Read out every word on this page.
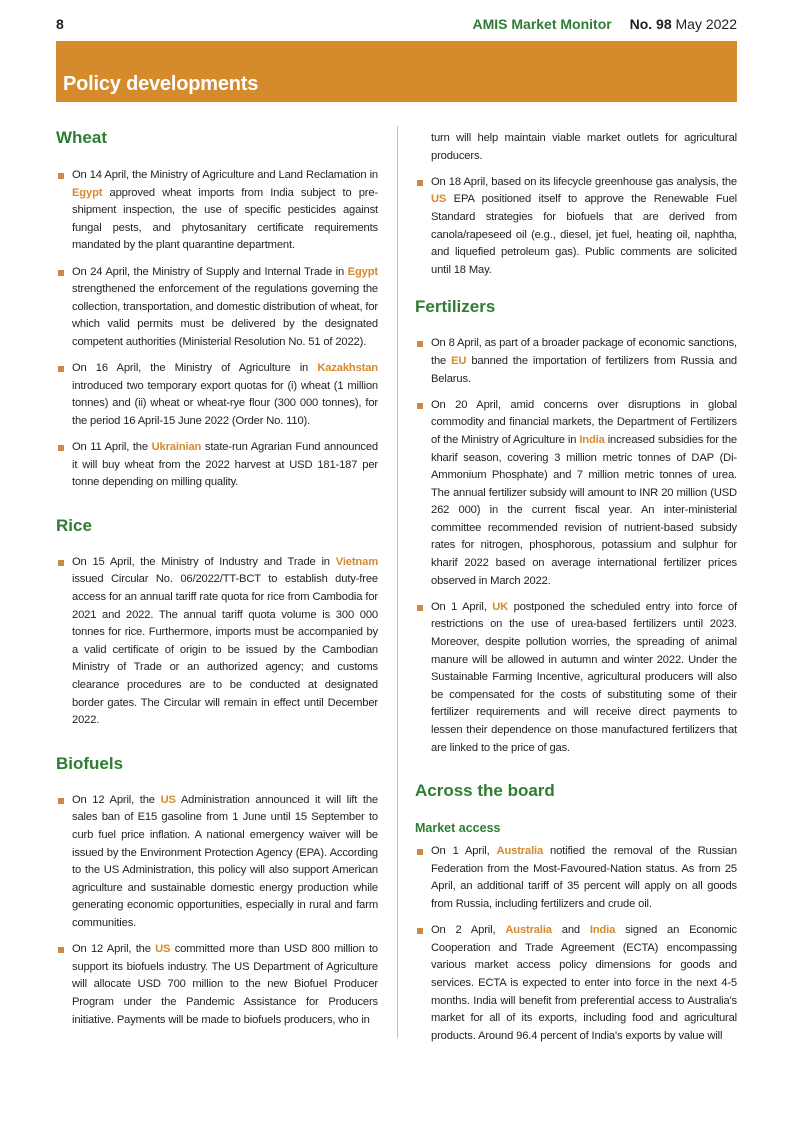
8	AMIS Market Monitor No. 98 May 2022
Policy developments
Wheat
On 14 April, the Ministry of Agriculture and Land Reclamation in Egypt approved wheat imports from India subject to pre-shipment inspection, the use of specific pesticides against fungal pests, and phytosanitary certificate requirements mandated by the plant quarantine department.
On 24 April, the Ministry of Supply and Internal Trade in Egypt strengthened the enforcement of the regulations governing the collection, transportation, and domestic distribution of wheat, for which valid permits must be delivered by the designated competent authorities (Ministerial Resolution No. 51 of 2022).
On 16 April, the Ministry of Agriculture in Kazakhstan introduced two temporary export quotas for (i) wheat (1 million tonnes) and (ii) wheat or wheat-rye flour (300 000 tonnes), for the period 16 April-15 June 2022 (Order No. 110).
On 11 April, the Ukrainian state-run Agrarian Fund announced it will buy wheat from the 2022 harvest at USD 181-187 per tonne depending on milling quality.
Rice
On 15 April, the Ministry of Industry and Trade in Vietnam issued Circular No. 06/2022/TT-BCT to establish duty-free access for an annual tariff rate quota for rice from Cambodia for 2021 and 2022. The annual tariff quota volume is 300 000 tonnes for rice. Furthermore, imports must be accompanied by a valid certificate of origin to be issued by the Cambodian Ministry of Trade or an authorized agency; and customs clearance procedures are to be conducted at designated border gates. The Circular will remain in effect until December 2022.
Biofuels
On 12 April, the US Administration announced it will lift the sales ban of E15 gasoline from 1 June until 15 September to curb fuel price inflation. A national emergency waiver will be issued by the Environment Protection Agency (EPA). According to the US Administration, this policy will also support American agriculture and sustainable domestic energy production while generating economic opportunities, especially in rural and farm communities.
On 12 April, the US committed more than USD 800 million to support its biofuels industry. The US Department of Agriculture will allocate USD 700 million to the new Biofuel Producer Program under the Pandemic Assistance for Producers initiative. Payments will be made to biofuels producers, who in
turn will help maintain viable market outlets for agricultural producers.
On 18 April, based on its lifecycle greenhouse gas analysis, the US EPA positioned itself to approve the Renewable Fuel Standard strategies for biofuels that are derived from canola/rapeseed oil (e.g., diesel, jet fuel, heating oil, naphtha, and liquefied petroleum gas). Public comments are solicited until 18 May.
Fertilizers
On 8 April, as part of a broader package of economic sanctions, the EU banned the importation of fertilizers from Russia and Belarus.
On 20 April, amid concerns over disruptions in global commodity and financial markets, the Department of Fertilizers of the Ministry of Agriculture in India increased subsidies for the kharif season, covering 3 million metric tonnes of DAP (Di-Ammonium Phosphate) and 7 million metric tonnes of urea. The annual fertilizer subsidy will amount to INR 20 million (USD 262 000) in the current fiscal year. An inter-ministerial committee recommended revision of nutrient-based subsidy rates for nitrogen, phosphorous, potassium and sulphur for kharif 2022 based on average international fertilizer prices observed in March 2022.
On 1 April, UK postponed the scheduled entry into force of restrictions on the use of urea-based fertilizers until 2023. Moreover, despite pollution worries, the spreading of animal manure will be allowed in autumn and winter 2022. Under the Sustainable Farming Incentive, agricultural producers will also be compensated for the costs of substituting some of their fertilizer requirements and will receive direct payments to lessen their dependence on those manufactured fertilizers that are linked to the price of gas.
Across the board
Market access
On 1 April, Australia notified the removal of the Russian Federation from the Most-Favoured-Nation status. As from 25 April, an additional tariff of 35 percent will apply on all goods from Russia, including fertilizers and crude oil.
On 2 April, Australia and India signed an Economic Cooperation and Trade Agreement (ECTA) encompassing various market access policy dimensions for goods and services. ECTA is expected to enter into force in the next 4-5 months. India will benefit from preferential access to Australia's market for all of its exports, including food and agricultural products. Around 96.4 percent of India's exports by value will
